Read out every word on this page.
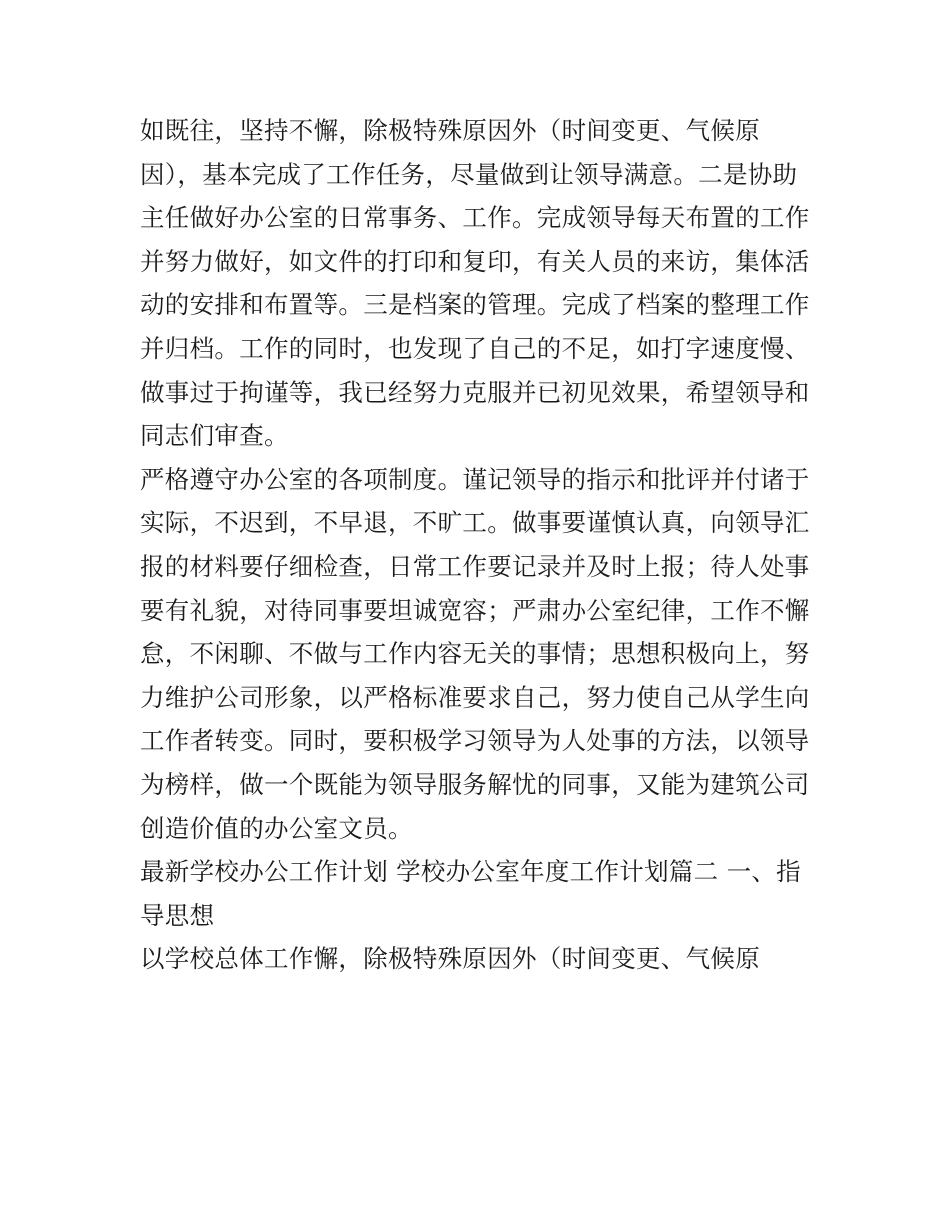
如既往，坚持不懈，除极特殊原因外（时间变更、气候原
因），基本完成了工作任务，尽量做到让领导满意。二是协助
主任做好办公室的日常事务、工作。完成领导每天布置的工作
并努力做好，如文件的打印和复印，有关人员的来访，集体活
动的安排和布置等。三是档案的管理。完成了档案的整理工作
并归档。工作的同时，也发现了自己的不足，如打字速度慢、
做事过于拘谨等，我已经努力克服并已初见效果，希望领导和
同志们审查。
严格遵守办公室的各项制度。谨记领导的指示和批评并付诸于
实际，不迟到，不早退，不旷工。做事要谨慎认真，向领导汇
报的材料要仔细检查，日常工作要记录并及时上报；待人处事
要有礼貌，对待同事要坦诚宽容；严肃办公室纪律，工作不懈
怠，不闲聊、不做与工作内容无关的事情；思想积极向上，努
力维护公司形象，以严格标准要求自己，努力使自己从学生向
工作者转变。同时，要积极学习领导为人处事的方法，以领导
为榜样，做一个既能为领导服务解忧的同事，又能为建筑公司
创造价值的办公室文员。
最新学校办公工作计划 学校办公室年度工作计划篇二 一、指
导思想
以学校总体工作懈，除极特殊原因外（时间变更、气候原
